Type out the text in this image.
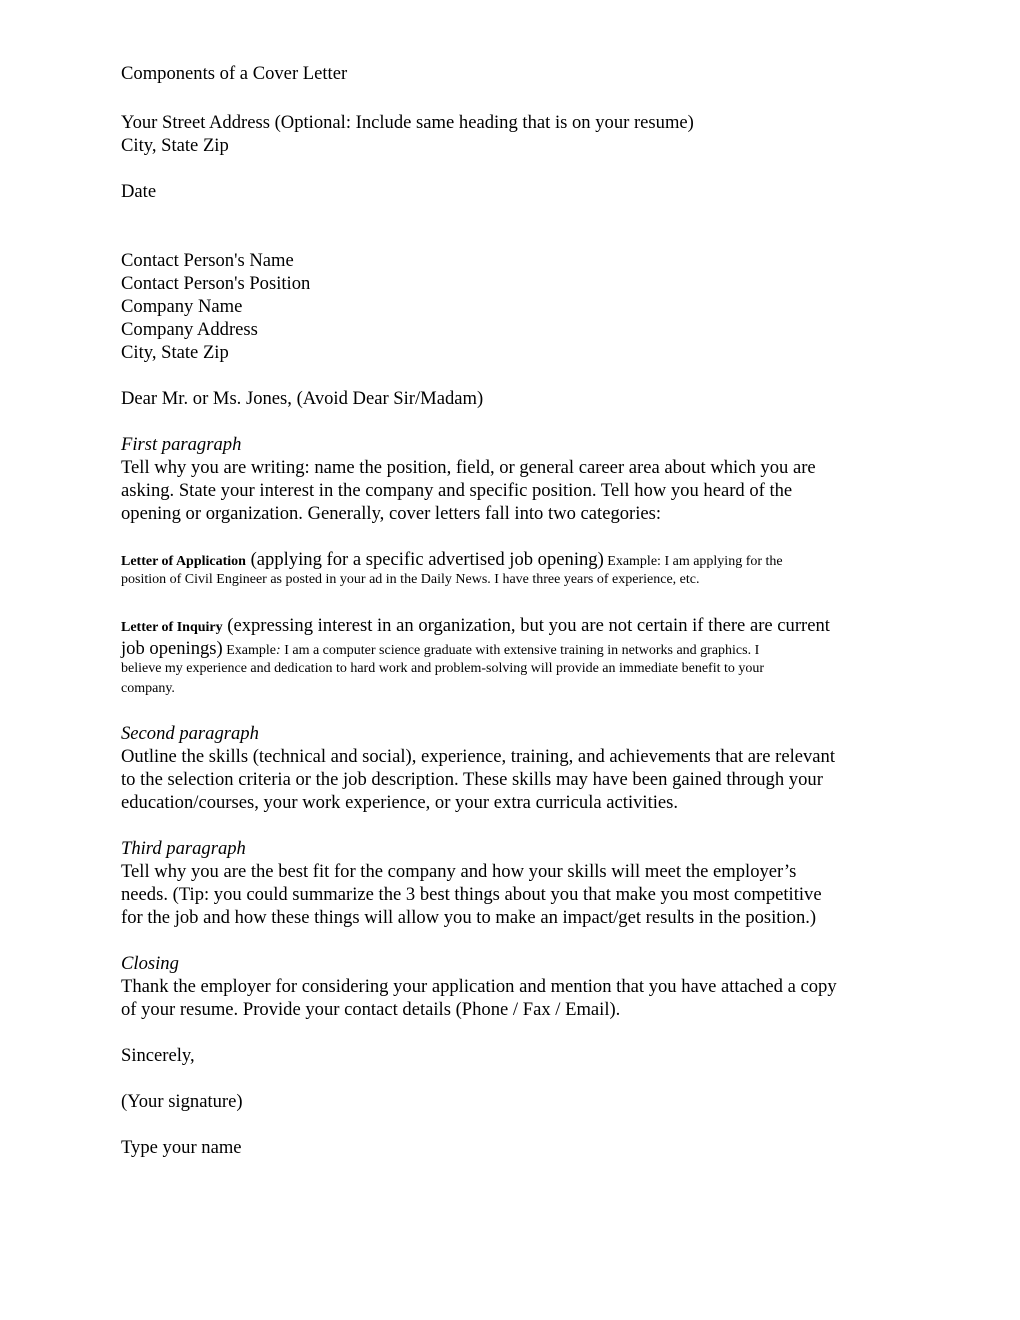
Components of a Cover Letter
Your Street Address (Optional: Include same heading that is on your resume)
City, State Zip
Date
Contact Person's Name
Contact Person's Position
Company Name
Company Address
City, State Zip
Dear Mr. or Ms. Jones, (Avoid Dear Sir/Madam)
First paragraph
Tell why you are writing: name the position, field, or general career area about which you are
asking. State your interest in the company and specific position. Tell how you heard of the
opening or organization. Generally, cover letters fall into two categories:
Letter of Application (applying for a specific advertised job opening) Example: I am applying for the
position of Civil Engineer as posted in your ad in the Daily News. I have three years of experience, etc.
Letter of Inquiry (expressing interest in an organization, but you are not certain if there are current
job openings) Example: I am a computer science graduate with extensive training in networks and graphics. I
believe my experience and dedication to hard work and problem-solving will provide an immediate benefit to your
company.
Second paragraph
Outline the skills (technical and social), experience, training, and achievements that are relevant
to the selection criteria or the job description. These skills may have been gained through your
education/courses, your work experience, or your extra curricula activities.
Third paragraph
Tell why you are the best fit for the company and how your skills will meet the employer’s
needs. (Tip: you could summarize the 3 best things about you that make you most competitive
for the job and how these things will allow you to make an impact/get results in the position.)
Closing
Thank the employer for considering your application and mention that you have attached a copy
of your resume. Provide your contact details (Phone / Fax / Email).
Sincerely,
(Your signature)
Type your name
